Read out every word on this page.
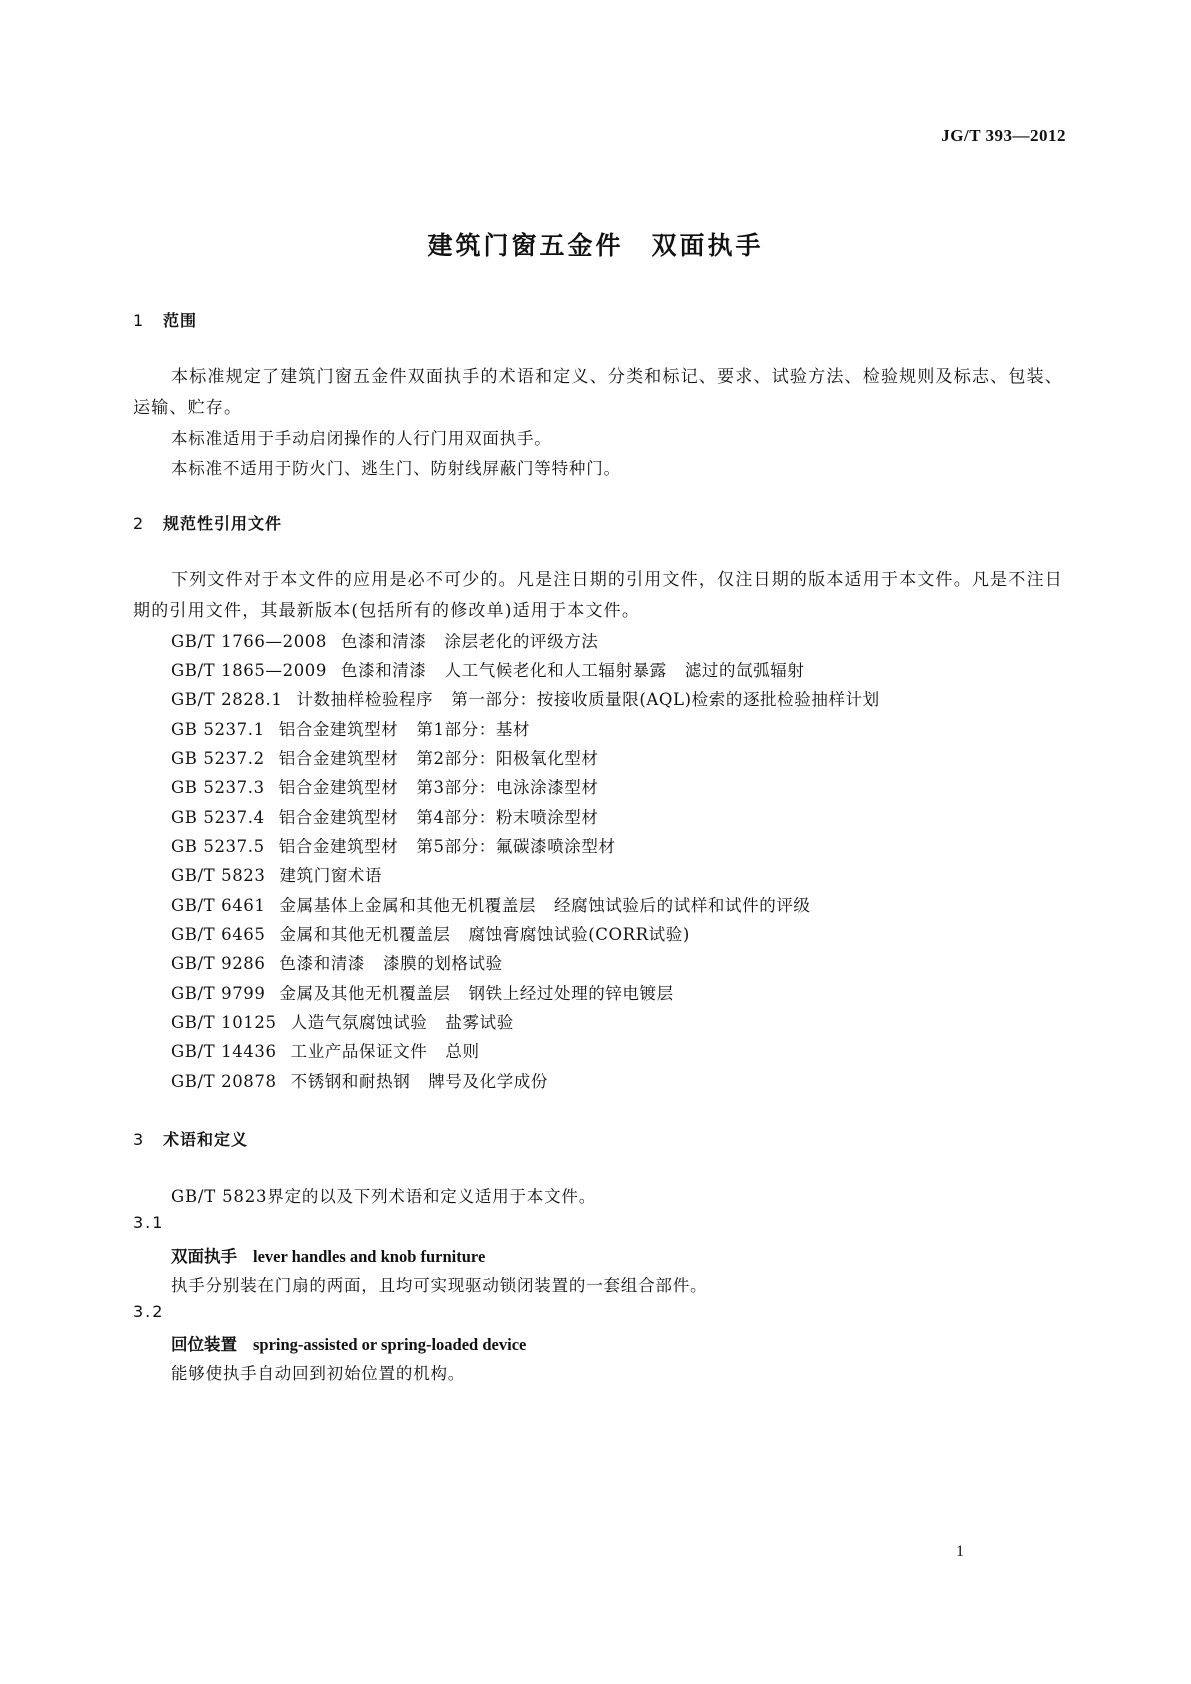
JG/T 393—2012
建筑门窗五金件　双面执手
1 范围
本标准规定了建筑门窗五金件双面执手的术语和定义、分类和标记、要求、试验方法、检验规则及标志、包装、运输、贮存。
本标准适用于手动启闭操作的人行门用双面执手。
本标准不适用于防火门、逃生门、防射线屏蔽门等特种门。
2 规范性引用文件
下列文件对于本文件的应用是必不可少的。凡是注日期的引用文件，仅注日期的版本适用于本文件。凡是不注日期的引用文件，其最新版本(包括所有的修改单)适用于本文件。
GB/T 1766—2008 色漆和清漆 涂层老化的评级方法
GB/T 1865—2009 色漆和清漆 人工气候老化和人工辐射暴露 滤过的氙弧辐射
GB/T 2828.1 计数抽样检验程序 第一部分：按接收质量限(AQL)检索的逐批检验抽样计划
GB 5237.1 铝合金建筑型材 第1部分：基材
GB 5237.2 铝合金建筑型材 第2部分：阳极氧化型材
GB 5237.3 铝合金建筑型材 第3部分：电泳涂漆型材
GB 5237.4 铝合金建筑型材 第4部分：粉末喷涂型材
GB 5237.5 铝合金建筑型材 第5部分：氟碳漆喷涂型材
GB/T 5823 建筑门窗术语
GB/T 6461 金属基体上金属和其他无机覆盖层 经腐蚀试验后的试样和试件的评级
GB/T 6465 金属和其他无机覆盖层 腐蚀膏腐蚀试验(CORR试验)
GB/T 9286 色漆和清漆 漆膜的划格试验
GB/T 9799 金属及其他无机覆盖层 钢铁上经过处理的锌电镀层
GB/T 10125 人造气氛腐蚀试验 盐雾试验
GB/T 14436 工业产品保证文件 总则
GB/T 20878 不锈钢和耐热钢 牌号及化学成份
3 术语和定义
GB/T 5823界定的以及下列术语和定义适用于本文件。
3.1
双面执手 lever handles and knob furniture
执手分别装在门扇的两面，且均可实现驱动锁闭装置的一套组合部件。
3.2
回位装置 spring-assisted or spring-loaded device
能够使执手自动回到初始位置的机构。
1
